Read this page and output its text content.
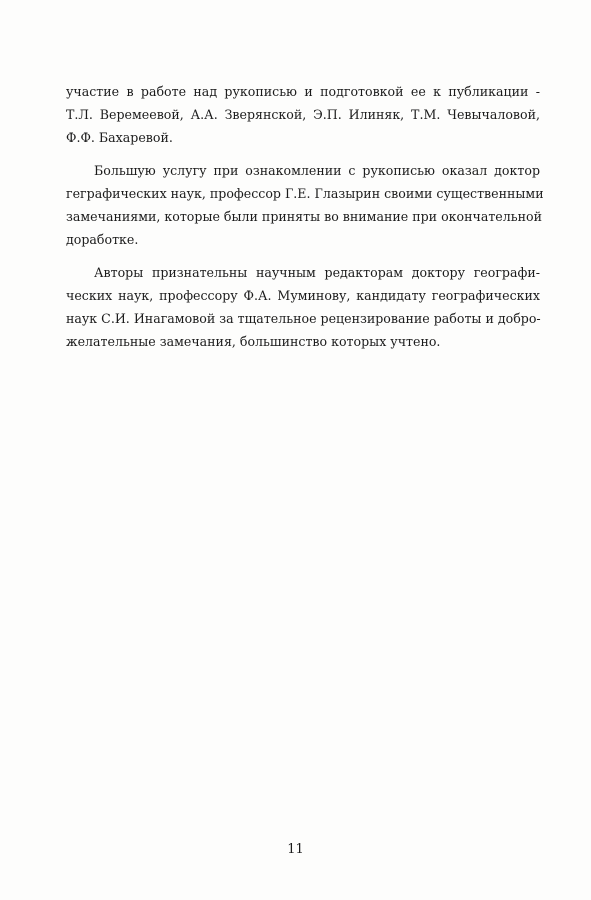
участие в работе над рукописью и подготовкой ее к публикации -
Т.Л. Веремеевой, А.А. Зверянской, Э.П. Илиняк, Т.М. Чевычаловой,
Ф.Ф. Бахаревой.

Большую услугу при ознакомлении с рукописью оказал доктор
геграфических наук, профессор Г.Е. Глазырин своими существенными
замечаниями, которые были приняты во внимание при окончательной
доработке.

Авторы признательны научным редакторам доктору географи-
ческих наук, профессору Ф.А. Муминову, кандидату географических
наук С.И. Инагамовой за тщательное рецензирование работы и добро-
желательные замечания, большинство которых учтено.

11
